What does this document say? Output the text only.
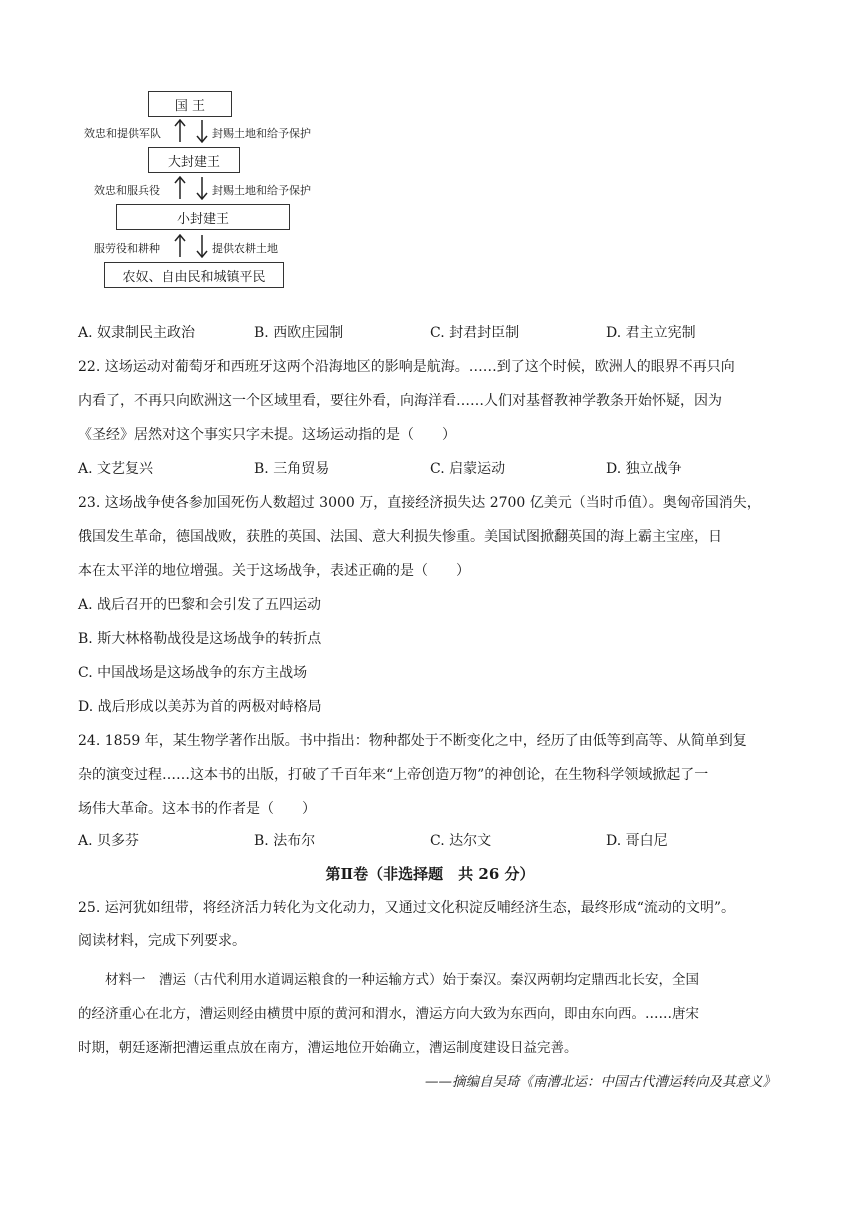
国 王
大封建王
小封建王
农奴、自由民和城镇平民
效忠和提供军队	封赐土地和给予保护
效忠和服兵役	封赐土地和给予保护
服劳役和耕种	提供农耕土地
A. 奴隶制民主政治	B. 西欧庄园制	C. 封君封臣制	D. 君主立宪制
22. 这场运动对葡萄牙和西班牙这两个沿海地区的影响是航海。……到了这个时候，欧洲人的眼界不再只向
内看了，不再只向欧洲这一个区域里看，要往外看，向海洋看……人们对基督教神学教条开始怀疑，因为
《圣经》居然对这个事实只字未提。这场运动指的是（　　）
A. 文艺复兴	B. 三角贸易	C. 启蒙运动	D. 独立战争
23. 这场战争使各参加国死伤人数超过 3000 万，直接经济损失达 2700 亿美元（当时币值）。奥匈帝国消失，
俄国发生革命，德国战败，获胜的英国、法国、意大利损失惨重。美国试图掀翻英国的海上霸主宝座，日
本在太平洋的地位增强。关于这场战争，表述正确的是（　　）
A. 战后召开的巴黎和会引发了五四运动
B. 斯大林格勒战役是这场战争的转折点
C. 中国战场是这场战争的东方主战场
D. 战后形成以美苏为首的两极对峙格局
24. 1859 年，某生物学著作出版。书中指出：物种都处于不断变化之中，经历了由低等到高等、从简单到复
杂的演变过程……这本书的出版，打破了千百年来“上帝创造万物”的神创论，在生物科学领域掀起了一
场伟大革命。这本书的作者是（　　）
A. 贝多芬	B. 法布尔	C. 达尔文	D. 哥白尼
第Ⅱ卷（非选择题　共 26 分）
25. 运河犹如纽带，将经济活力转化为文化动力，又通过文化积淀反哺经济生态，最终形成“流动的文明”。
阅读材料，完成下列要求。
　　材料一　漕运（古代利用水道调运粮食的一种运输方式）始于秦汉。秦汉两朝均定鼎西北长安，全国
的经济重心在北方，漕运则经由横贯中原的黄河和渭水，漕运方向大致为东西向，即由东向西。……唐宋
时期，朝廷逐渐把漕运重点放在南方，漕运地位开始确立，漕运制度建设日益完善。
——摘编自吴琦《南漕北运：中国古代漕运转向及其意义》
